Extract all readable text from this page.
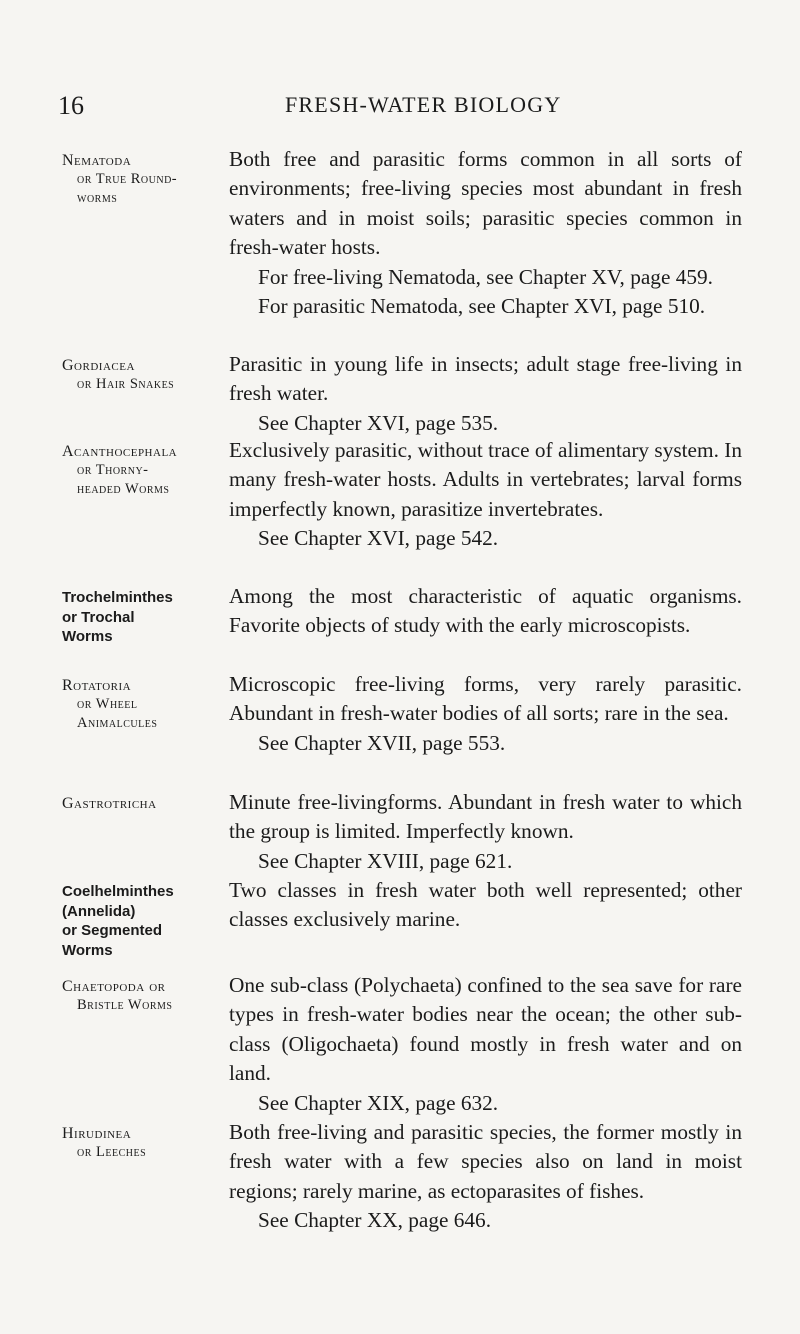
16	FRESH-WATER BIOLOGY
Nematoda
or True Round-
worms

Both free and parasitic forms common in all sorts of environments; free-living species most abundant in fresh waters and in moist soils; parasitic species common in fresh-water hosts.

For free-living Nematoda, see Chapter XV, page 459.

For parasitic Nematoda, see Chapter XVI, page 510.

Gordiacea
or Hair Snakes

Parasitic in young life in insects; adult stage free-living in fresh water.

See Chapter XVI, page 535.

Acanthocephala
or Thorny-
headed Worms

Exclusively parasitic, without trace of alimentary system. In many fresh-water hosts. Adults in vertebrates; larval forms imperfectly known, parasitize invertebrates.

See Chapter XVI, page 542.

Trochelminthes
or Trochal
Worms

Among the most characteristic of aquatic organisms. Favorite objects of study with the early microscopists.

Rotatoria
or Wheel
Animalcules

Microscopic free-living forms, very rarely parasitic. Abundant in fresh-water bodies of all sorts; rare in the sea.

See Chapter XVII, page 553.

Gastrotricha	Minute free-livingforms. Abundant in fresh water to which the group is limited. Imperfectly known.

See Chapter XVIII, page 621.

Coelhelminthes
(Annelida)
or Segmented
Worms

Two classes in fresh water both well represented; other classes exclusively marine.

Chaetopoda or
Bristle Worms

One sub-class (Polychaeta) confined to the sea save for rare types in fresh-water bodies near the ocean; the other sub-class (Oligochaeta) found mostly in fresh water and on land.

See Chapter XIX, page 632.

Hirudinea
or Leeches

Both free-living and parasitic species, the former mostly in fresh water with a few species also on land in moist regions; rarely marine, as ectoparasites of fishes.

See Chapter XX, page 646.
